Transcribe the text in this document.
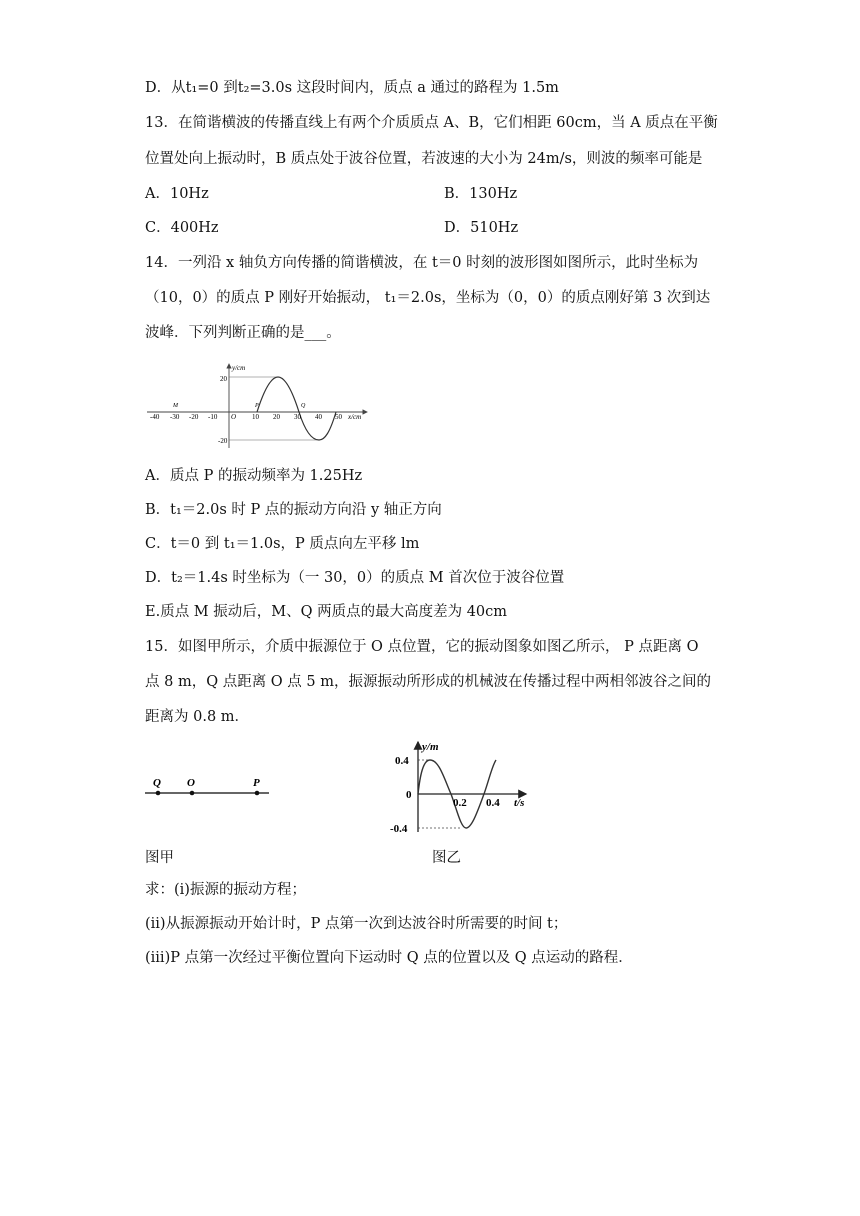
D．从t₁=0 到t₂=3.0s 这段时间内，质点 a 通过的路程为 1.5m
13．在简谐横波的传播直线上有两个介质质点 A、B，它们相距 60cm，当 A 质点在平衡
位置处向上振动时，B 质点处于波谷位置，若波速的大小为 24m/s，则波的频率可能是
A．10Hz	B．130Hz
C．400Hz	D．510Hz
14．一列沿 x 轴负方向传播的简谐横波，在 t＝0 时刻的波形图如图所示，此时坐标为
（10，0）的质点 P 刚好开始振动， t₁＝2.0s，坐标为（0，0）的质点刚好第 3 次到达
波峰．下列判断正确的是___。
y/cm
x/cm
20
-20
-40 -30 -20 -10 O 10 20 30 40 50
M	P	Q
A．质点 P 的振动频率为 1.25Hz
B．t₁＝2.0s 时 P 点的振动方向沿 y 轴正方向
C．t＝0 到 t₁＝1.0s，P 质点向左平移 lm
D．t₂＝1.4s 时坐标为（一 30，0）的质点 M 首次位于波谷位置
E.质点 M 振动后，M、Q 两质点的最大高度差为 40cm
15．如图甲所示，介质中振源位于 O 点位置，它的振动图象如图乙所示， P 点距离 O
点 8 m，Q 点距离 O 点 5 m，振源振动所形成的机械波在传播过程中两相邻波谷之间的
距离为 0.8 m．
Q O	P
y/m
t/s
0.4
-0.4
0
0.2 0.4
图甲	图乙
求：(i)振源的振动方程；
(ii)从振源振动开始计时，P 点第一次到达波谷时所需要的时间 t；
(iii)P 点第一次经过平衡位置向下运动时 Q 点的位置以及 Q 点运动的路程．
